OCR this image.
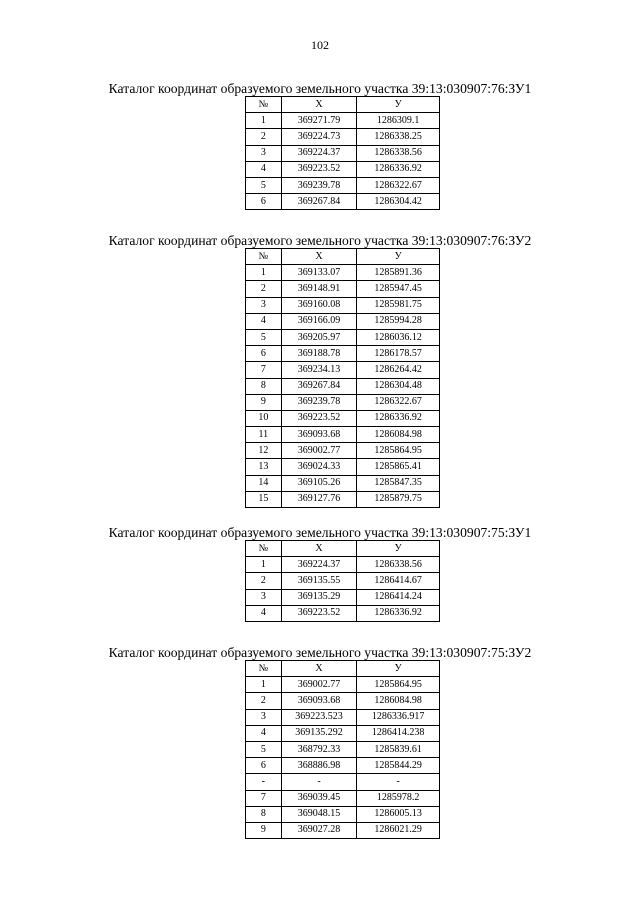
102
Каталог координат образуемого земельного участка 39:13:030907:76:ЗУ1
№	X	У
1	369271.79	1286309.1
2	369224.73	1286338.25
3	369224.37	1286338.56
4	369223.52	1286336.92
5	369239.78	1286322.67
6	369267.84	1286304.42
Каталог координат образуемого земельного участка 39:13:030907:76:ЗУ2
№	X	У
1	369133.07	1285891.36
2	369148.91	1285947.45
3	369160.08	1285981.75
4	369166.09	1285994.28
5	369205.97	1286036.12
6	369188.78	1286178.57
7	369234.13	1286264.42
8	369267.84	1286304.48
9	369239.78	1286322.67
10	369223.52	1286336.92
11	369093.68	1286084.98
12	369002.77	1285864.95
13	369024.33	1285865.41
14	369105.26	1285847.35
15	369127.76	1285879.75
Каталог координат образуемого земельного участка 39:13:030907:75:ЗУ1
№	X	У
1	369224.37	1286338.56
2	369135.55	1286414.67
3	369135.29	1286414.24
4	369223.52	1286336.92
Каталог координат образуемого земельного участка 39:13:030907:75:ЗУ2
№	X	У
1	369002.77	1285864.95
2	369093.68	1286084.98
3	369223.523	1286336.917
4	369135.292	1286414.238
5	368792.33	1285839.61
6	368886.98	1285844.29
-	-	-
7	369039.45	1285978.2
8	369048.15	1286005.13
9	369027.28	1286021.29
